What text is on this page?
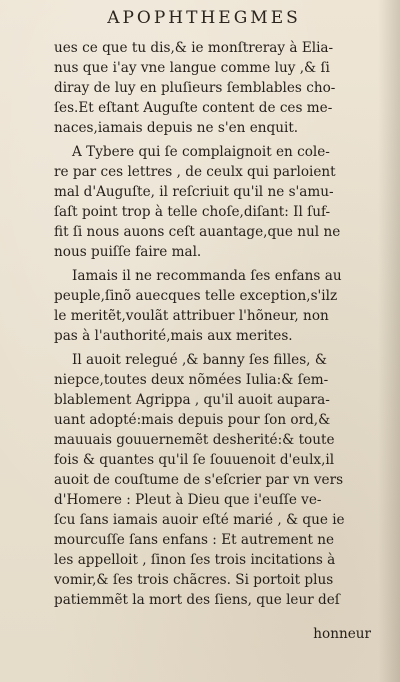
APOPHTHEGMES
ues ce que tu dis,& ie monſtreray à Elia-
nus que i'ay vne langue comme luy ,& ſi
diray de luy en pluſieurs ſemblables cho-
ſes.Et eſtant Auguſte content de ces me-
naces,iamais depuis ne s'en enquit.
A Tybere qui ſe complaignoit en cole-
re par ces lettres , de ceulx qui parloient
mal d'Auguſte, il reſcriuit qu'il ne s'amu-
ſaſt point trop à telle choſe,diſant: Il ſuf-
fit ſi nous auons ceſt auantage,que nul ne
nous puiſſe faire mal.
Iamais il ne recommanda ſes enfans au
peuple,ſinõ auecques telle exception,s'ilz
le meritẽt,voulãt attribuer l'hõneur, non
pas à l'authorité,mais aux merites.
Il auoit relegué ,& banny ſes filles, &
niepce,toutes deux nõmées Iulia:& ſem-
blablement Agrippa , qu'il auoit aupara-
uant adopté:mais depuis pour ſon ord,&
mauuais gouuernemẽt desherité:& toute
fois & quantes qu'il ſe ſouuenoit d'eulx,il
auoit de couſtume de s'eſcrier par vn vers
d'Homere : Pleut à Dieu que i'euſſe ve-
ſcu ſans iamais auoir eſté marié , & que ie
mourcuſſe ſans enfans : Et autrement ne
les appelloit , ſinon ſes trois incitations à
vomir,& ſes trois chãcres. Si portoit plus
patiemmẽt la mort des ſiens, que leur deſ
honneur
